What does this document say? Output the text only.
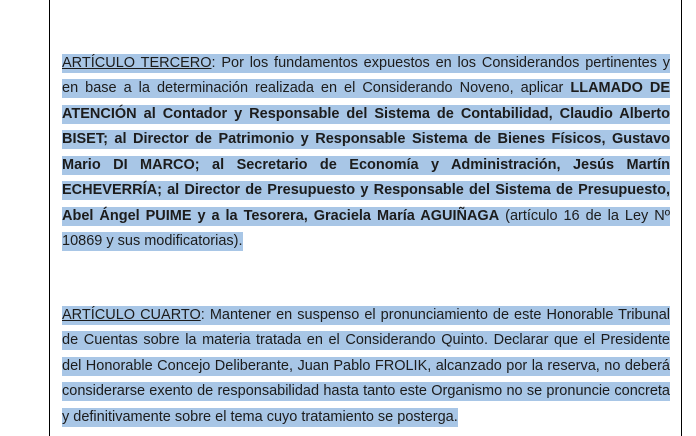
ARTÍCULO TERCERO: Por los fundamentos expuestos en los Considerandos pertinentes y en base a la determinación realizada en el Considerando Noveno, aplicar LLAMADO DE ATENCIÓN al Contador y Responsable del Sistema de Contabilidad, Claudio Alberto BISET; al Director de Patrimonio y Responsable Sistema de Bienes Físicos, Gustavo Mario DI MARCO; al Secretario de Economía y Administración, Jesús Martín ECHEVERRÍA; al Director de Presupuesto y Responsable del Sistema de Presupuesto, Abel Ángel PUIME y a la Tesorera, Graciela María AGUIÑAGA (artículo 16 de la Ley Nº 10869 y sus modificatorias).

ARTÍCULO CUARTO: Mantener en suspenso el pronunciamiento de este Honorable Tribunal de Cuentas sobre la materia tratada en el Considerando Quinto. Declarar que el Presidente del Honorable Concejo Deliberante, Juan Pablo FROLIK, alcanzado por la reserva, no deberá considerarse exento de responsabilidad hasta tanto este Organismo no se pronuncie concreta y definitivamente sobre el tema cuyo tratamiento se posterga.
